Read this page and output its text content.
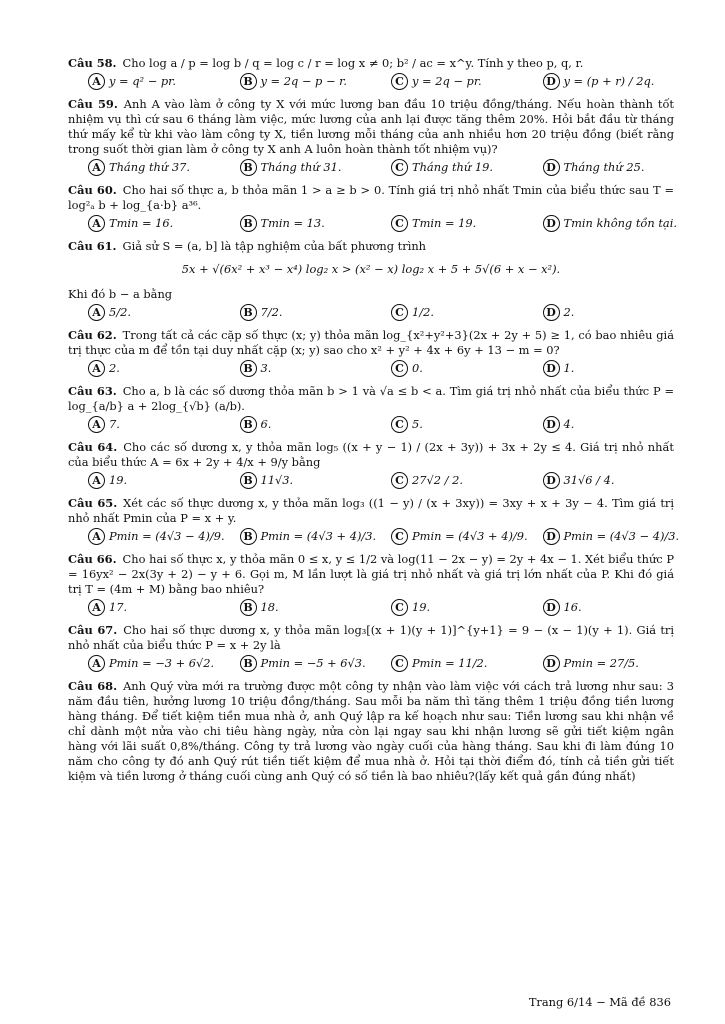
Câu 58. Cho log a / p = log b / q = log c / r = log x ≠ 0; b² / ac = x^y. Tính y theo p, q, r.
A y = q² − pr.	B y = 2q − p − r.	C y = 2q − pr.	D y = (p + r) / 2q.
Câu 59. Anh A vào làm ở công ty X với mức lương ban đầu 10 triệu đồng/tháng. Nếu hoàn thành tốt nhiệm vụ thì cứ sau 6 tháng làm việc, mức lương của anh lại được tăng thêm 20%. Hỏi bắt đầu từ tháng thứ mấy kể từ khi vào làm công ty X, tiền lương mỗi tháng của anh nhiều hơn 20 triệu đồng (biết rằng trong suốt thời gian làm ở công ty X anh A luôn hoàn thành tốt nhiệm vụ)?
A Tháng thứ 37.	B Tháng thứ 31.	C Tháng thứ 19.	D Tháng thứ 25.
Câu 60. Cho hai số thực a, b thỏa mãn 1 > a ≥ b > 0. Tính giá trị nhỏ nhất Tmin của biểu thức sau T = log²ₐ b + log_{a·b} a³⁶.
A Tmin = 16.	B Tmin = 13.	C Tmin = 19.	D Tmin không tồn tại.
Câu 61. Giả sử S = (a, b] là tập nghiệm của bất phương trình
5x + √(6x² + x³ − x⁴) log₂ x > (x² − x) log₂ x + 5 + 5√(6 + x − x²).
Khi đó b − a bằng
A 5/2.	B 7/2.	C 1/2.	D 2.
Câu 62. Trong tất cả các cặp số thực (x; y) thỏa mãn log_{x²+y²+3}(2x + 2y + 5) ≥ 1, có bao nhiêu giá trị thực của m để tồn tại duy nhất cặp (x; y) sao cho x² + y² + 4x + 6y + 13 − m = 0?
A 2.	B 3.	C 0.	D 1.
Câu 63. Cho a, b là các số dương thỏa mãn b > 1 và √a ≤ b < a. Tìm giá trị nhỏ nhất của biểu thức P = log_{a/b} a + 2log_{√b} (a/b).
A 7.	B 6.	C 5.	D 4.
Câu 64. Cho các số dương x, y thỏa mãn log₅ ((x + y − 1) / (2x + 3y)) + 3x + 2y ≤ 4. Giá trị nhỏ nhất của biểu thức A = 6x + 2y + 4/x + 9/y bằng
A 19.	B 11√3.	C 27√2 / 2.	D 31√6 / 4.
Câu 65. Xét các số thực dương x, y thỏa mãn log₃ ((1 − y) / (x + 3xy)) = 3xy + x + 3y − 4. Tìm giá trị nhỏ nhất Pmin của P = x + y.
A Pmin = (4√3 − 4)/9.	B Pmin = (4√3 + 4)/3.	C Pmin = (4√3 + 4)/9.	D Pmin = (4√3 − 4)/3.
Câu 66. Cho hai số thực x, y thỏa mãn 0 ≤ x, y ≤ 1/2 và log(11 − 2x − y) = 2y + 4x − 1. Xét biểu thức P = 16yx² − 2x(3y + 2) − y + 6. Gọi m, M lần lượt là giá trị nhỏ nhất và giá trị lớn nhất của P. Khi đó giá trị T = (4m + M) bằng bao nhiêu?
A 17.	B 18.	C 19.	D 16.
Câu 67. Cho hai số thực dương x, y thỏa mãn log₃[(x + 1)(y + 1)]^{y+1} = 9 − (x − 1)(y + 1). Giá trị nhỏ nhất của biểu thức P = x + 2y là
A Pmin = −3 + 6√2.	B Pmin = −5 + 6√3.	C Pmin = 11/2.	D Pmin = 27/5.
Câu 68. Anh Quý vừa mới ra trường được một công ty nhận vào làm việc với cách trả lương như sau: 3 năm đầu tiên, hưởng lương 10 triệu đồng/tháng. Sau mỗi ba năm thì tăng thêm 1 triệu đồng tiền lương hàng tháng. Để tiết kiệm tiền mua nhà ở, anh Quý lập ra kế hoạch như sau: Tiền lương sau khi nhận về chỉ dành một nửa vào chi tiêu hàng ngày, nửa còn lại ngay sau khi nhận lương sẽ gửi tiết kiệm ngân hàng với lãi suất 0,8%/tháng. Công ty trả lương vào ngày cuối của hàng tháng. Sau khi đi làm đúng 10 năm cho công ty đó anh Quý rút tiền tiết kiệm để mua nhà ở. Hỏi tại thời điểm đó, tính cả tiền gửi tiết kiệm và tiền lương ở tháng cuối cùng anh Quý có số tiền là bao nhiêu?(lấy kết quả gần đúng nhất)
Trang 6/14 − Mã đề 836
